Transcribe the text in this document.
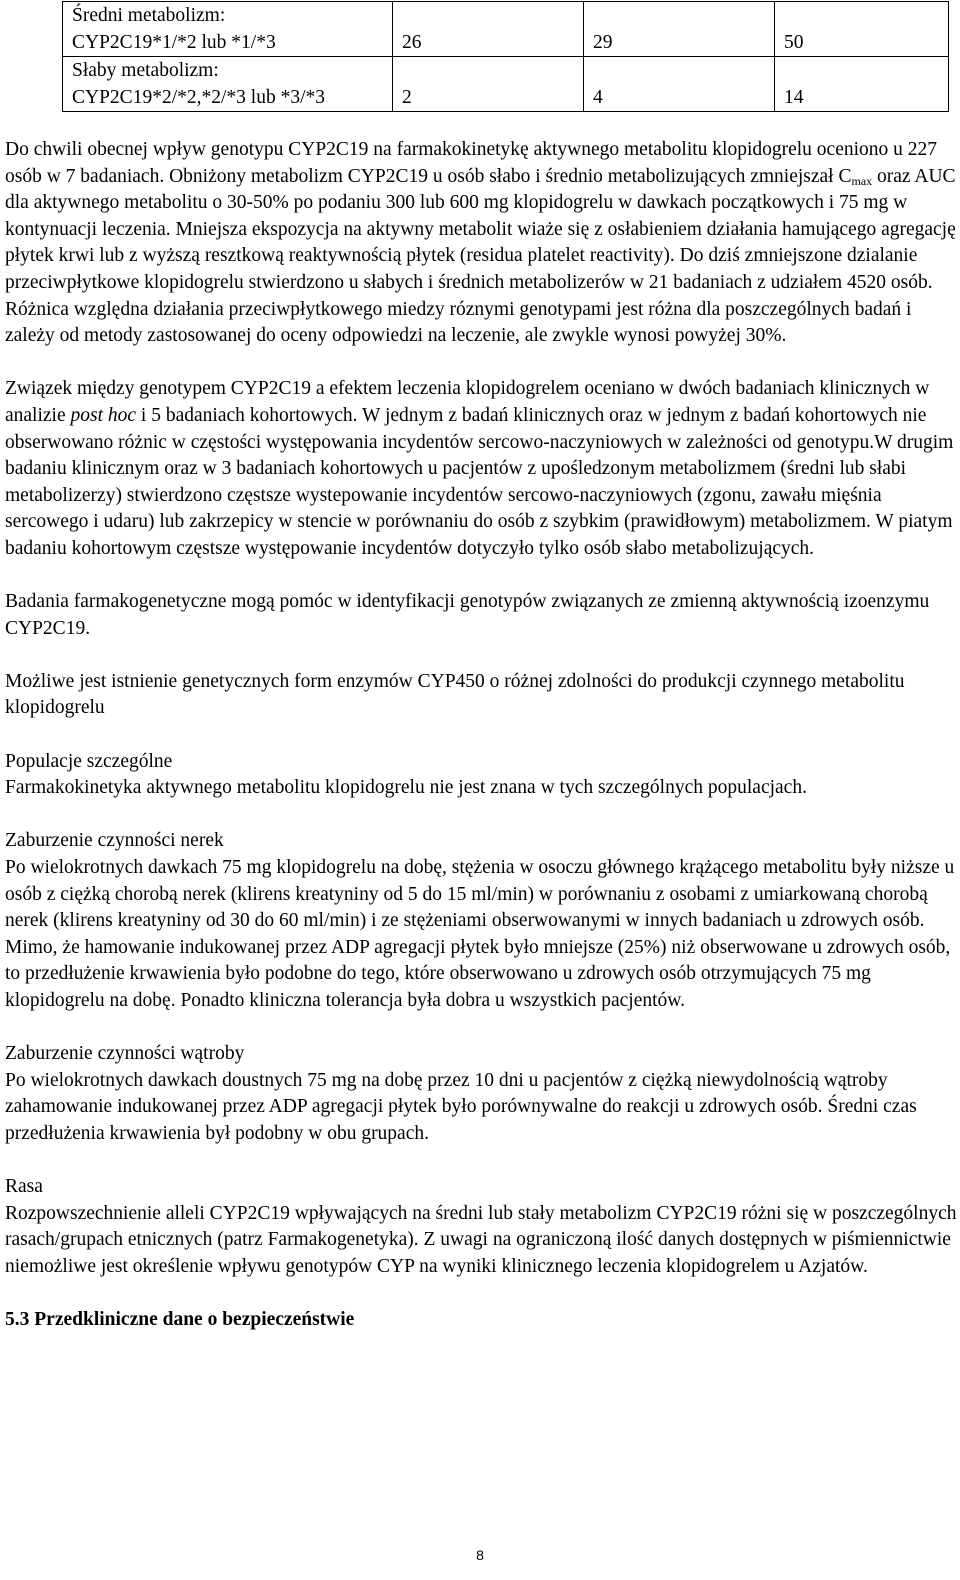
Średni metabolizm:
CYP2C19*1/*2 lub *1/*3	26	29	50

Słaby metabolizm:
CYP2C19*2/*2,*2/*3 lub *3/*3	2	4	14

Do chwili obecnej wpływ genotypu CYP2C19 na farmakokinetykę aktywnego metabolitu klopidogrelu oceniono u 227 osób w 7 badaniach. Obniżony metabolizm CYP2C19 u osób słabo i średnio metabolizujących zmniejszał $C_{max}$ oraz AUC dla aktywnego metabolitu o 30-50% po podaniu 300 lub 600 mg klopidogrelu w dawkach początkowych i 75 mg w kontynuacji leczenia. Mniejsza ekspozycja na aktywny metabolit wiaże się z osłabieniem działania hamującego agregację płytek krwi lub z wyższą resztkową reaktywnością płytek (residua platelet reactivity). Do dziś zmniejszone dzialanie przeciwpłytkowe klopidogrelu stwierdzono u słabych i średnich metabolizerów w 21 badaniach z udziałem 4520 osób. Różnica względna działania przeciwpłytkowego miedzy róznymi genotypami jest różna dla poszczególnych badań i zależy od metody zastosowanej do oceny odpowiedzi na leczenie, ale zwykle wynosi powyżej 30%.

Związek między genotypem CYP2C19 a efektem leczenia klopidogrelem oceniano w dwóch badaniach klinicznych w analizie post hoc i 5 badaniach kohortowych. W jednym z badań klinicznych oraz w jednym z badań kohortowych nie obserwowano różnic w częstości występowania incydentów sercowo-naczyniowych w zależności od genotypu.W drugim badaniu klinicznym oraz w 3 badaniach kohortowych u pacjentów z upośledzonym metabolizmem (średni lub słabi metabolizerzy) stwierdzono częstsze wystepowanie incydentów sercowo-naczyniowych (zgonu, zawału mięśnia sercowego i udaru) lub zakrzepicy w stencie w porównaniu do osób z szybkim (prawidłowym) metabolizmem. W piatym badaniu kohortowym częstsze występowanie incydentów dotyczyło tylko osób słabo metabolizujących.

Badania farmakogenetyczne mogą pomóc w identyfikacji genotypów związanych ze zmienną aktywnością izoenzymu CYP2C19.

Możliwe jest istnienie genetycznych form enzymów CYP450 o różnej zdolności do produkcji czynnego metabolitu klopidogrelu

Populacje szczególne

Farmakokinetyka aktywnego metabolitu klopidogrelu nie jest znana w tych szczególnych populacjach.

Zaburzenie czynności nerek

Po wielokrotnych dawkach 75 mg klopidogrelu na dobę, stężenia w osoczu głównego krążącego metabolitu były niższe u osób z ciężką chorobą nerek (klirens kreatyniny od 5 do 15 ml/min) w porównaniu z osobami z umiarkowaną chorobą nerek (klirens kreatyniny od 30 do 60 ml/min) i ze stężeniami obserwowanymi w innych badaniach u zdrowych osób. Mimo, że hamowanie indukowanej przez ADP agregacji płytek było mniejsze (25%) niż obserwowane u zdrowych osób, to przedłużenie krwawienia było podobne do tego, które obserwowano u zdrowych osób otrzymujących 75 mg klopidogrelu na dobę. Ponadto kliniczna tolerancja była dobra u wszystkich pacjentów.

Zaburzenie czynności wątroby

Po wielokrotnych dawkach doustnych 75 mg na dobę przez 10 dni u pacjentów z ciężką niewydolnością wątroby zahamowanie indukowanej przez ADP agregacji płytek było porównywalne do reakcji u zdrowych osób. Średni czas przedłużenia krwawienia był podobny w obu grupach.

Rasa

Rozpowszechnienie alleli CYP2C19 wpływających na średni lub stały metabolizm CYP2C19 różni się w poszczególnych rasach/grupach etnicznych (patrz Farmakogenetyka). Z uwagi na ograniczoną ilość danych dostępnych w piśmiennictwie niemożliwe jest określenie wpływu genotypów CYP na wyniki klinicznego leczenia klopidogrelem u Azjatów.

5.3 Przedkliniczne dane o bezpieczeństwie

8
